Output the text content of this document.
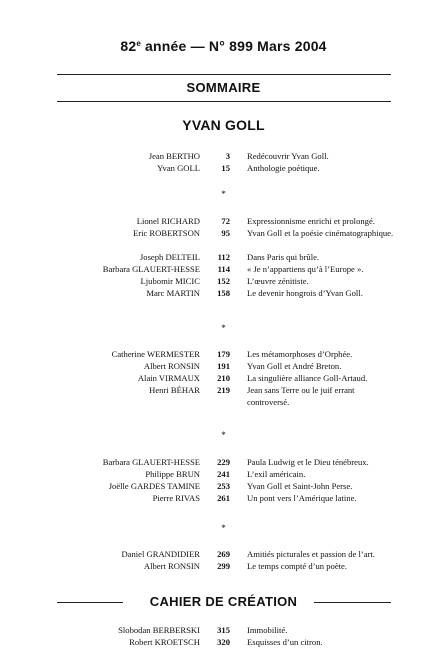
82e année — N° 899 Mars 2004
SOMMAIRE
YVAN GOLL
Jean BERTHO	3 Redécouvrir Yvan Goll.
Yvan GOLL	15 Anthologie poétique.
Lionel RICHARD	72 Expressionnisme enrichi et prolongé.
Eric ROBERTSON	95 Yvan Goll et la poésie cinématographique.
Joseph DELTEIL	112 Dans Paris qui brûle.
Barbara GLAUERT-HESSE	114 « Je n’appartiens qu’à l’Europe ».
Ljubomir MICIC	152 L’œuvre zénitiste.
Marc MARTIN	158 Le devenir hongrois d’Yvan Goll.
Catherine WERMESTER	179 Les métamorphoses d’Orphée.
Albert RONSIN	191 Yvan Goll et André Breton.
Alain VIRMAUX	210 La singulière alliance Goll-Artaud.
Henri BÉHAR	219 Jean sans Terre ou le juif errant controversé.
Barbara GLAUERT-HESSE	229 Paula Ludwig et le Dieu ténébreux.
Philippe BRUN	241 L’exil américain.
Joëlle GARDES TAMINE	253 Yvan Goll et Saint-John Perse.
Pierre RIVAS	261 Un pont vers l’Amérique latine.
Daniel GRANDIDIER	269 Amitiés picturales et passion de l’art.
Albert RONSIN	299 Le temps compté d’un poète.
*
*
*
*
Slobodan BERBERSKI	315 Immobilité.
Robert KROETSCH	320 Esquisses d’un citron.
CAHIER DE CRÉATION
